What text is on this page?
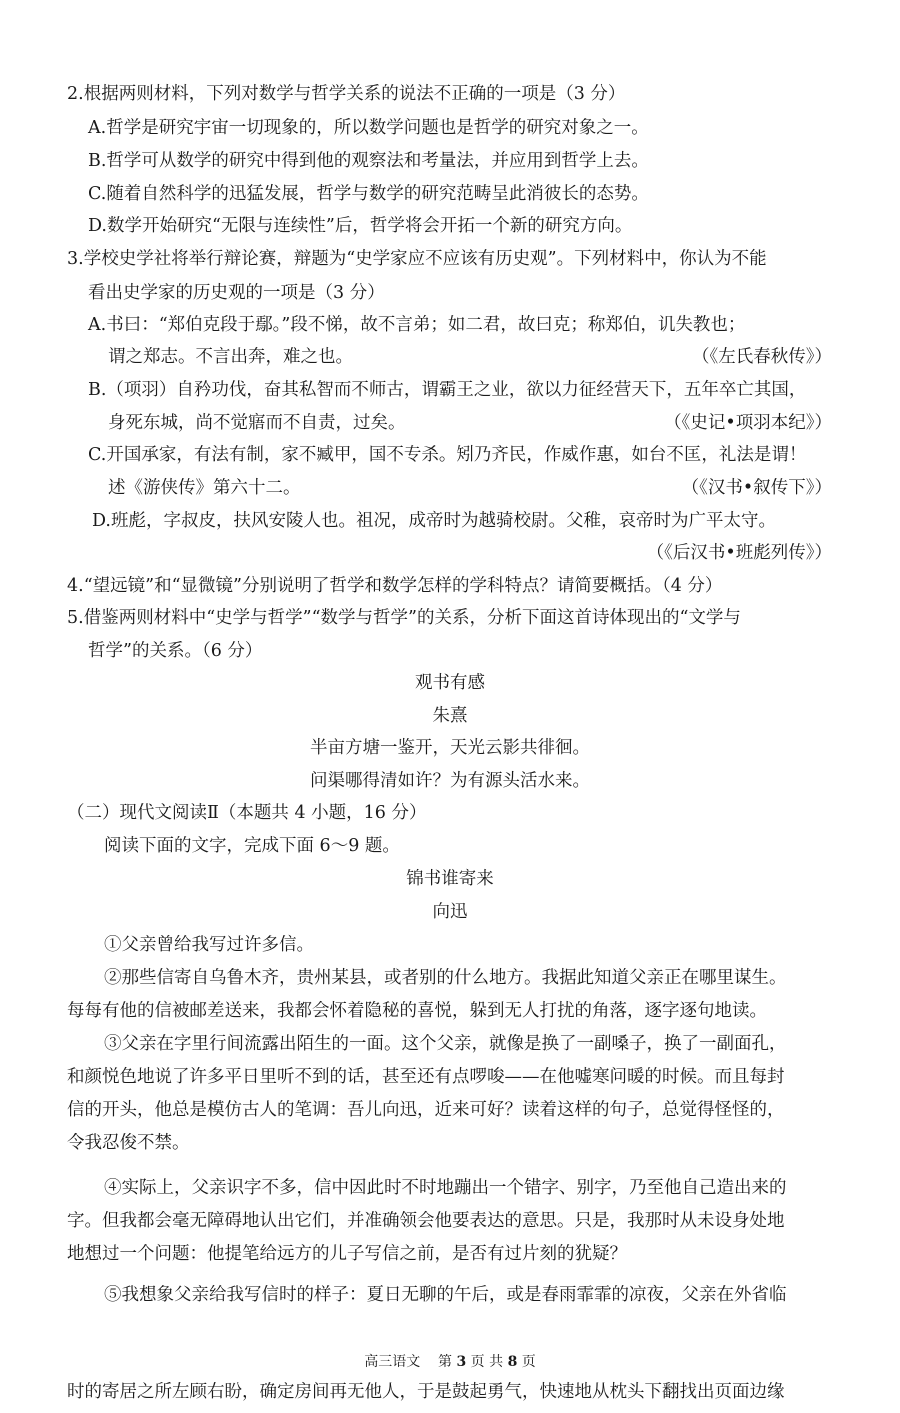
2.根据两则材料，下列对数学与哲学关系的说法不正确的一项是（3 分）
A.哲学是研究宇宙一切现象的，所以数学问题也是哲学的研究对象之一。
B.哲学可从数学的研究中得到他的观察法和考量法，并应用到哲学上去。
C.随着自然科学的迅猛发展，哲学与数学的研究范畴呈此消彼长的态势。
D.数学开始研究“无限与连续性”后，哲学将会开拓一个新的研究方向。
3.学校史学社将举行辩论赛，辩题为“史学家应不应该有历史观”。下列材料中，你认为不能
看出史学家的历史观的一项是（3 分）
A.书曰：“郑伯克段于鄢。”段不悌，故不言弟；如二君，故曰克；称郑伯，讥失教也；
谓之郑志。不言出奔，难之也。	（《左氏春秋传》）
B.（项羽）自矜功伐，奋其私智而不师古，谓霸王之业，欲以力征经营天下，五年卒亡其国，
身死东城，尚不觉寤而不自责，过矣。	（《史记•项羽本纪》）
C.开国承家，有法有制，家不臧甲，国不专杀。矧乃齐民，作威作惠，如台不匡，礼法是谓！
述《游侠传》第六十二。	（《汉书•叙传下》）
D.班彪，字叔皮，扶风安陵人也。祖况，成帝时为越骑校尉。父稚，哀帝时为广平太守。
（《后汉书•班彪列传》）
4.“望远镜”和“显微镜”分别说明了哲学和数学怎样的学科特点？请简要概括。（4 分）
5.借鉴两则材料中“史学与哲学”“数学与哲学”的关系，分析下面这首诗体现出的“文学与
哲学”的关系。（6 分）
观书有感
朱熹
半亩方塘一鉴开，天光云影共徘徊。
问渠哪得清如许？为有源头活水来。
（二）现代文阅读Ⅱ（本题共 4 小题，16 分）
阅读下面的文字，完成下面 6～9 题。
锦书谁寄来
向迅
①父亲曾给我写过许多信。
②那些信寄自乌鲁木齐，贵州某县，或者别的什么地方。我据此知道父亲正在哪里谋生。
每每有他的信被邮差送来，我都会怀着隐秘的喜悦，躲到无人打扰的角落，逐字逐句地读。
③父亲在字里行间流露出陌生的一面。这个父亲，就像是换了一副嗓子，换了一副面孔，
和颜悦色地说了许多平日里听不到的话，甚至还有点啰唆——在他嘘寒问暖的时候。而且每封
信的开头，他总是模仿古人的笔调：吾儿向迅，近来可好？读着这样的句子，总觉得怪怪的，
令我忍俊不禁。
④实际上，父亲识字不多，信中因此时不时地蹦出一个错字、别字，乃至他自己造出来的
字。但我都会毫无障碍地认出它们，并准确领会他要表达的意思。只是，我那时从未设身处地
地想过一个问题：他提笔给远方的儿子写信之前，是否有过片刻的犹疑？
⑤我想象父亲给我写信时的样子：夏日无聊的午后，或是春雨霏霏的凉夜，父亲在外省临
高三语文 第 3 页 共 8 页
时的寄居之所左顾右盼，确定房间再无他人，于是鼓起勇气，快速地从枕头下翻找出页面边缘
